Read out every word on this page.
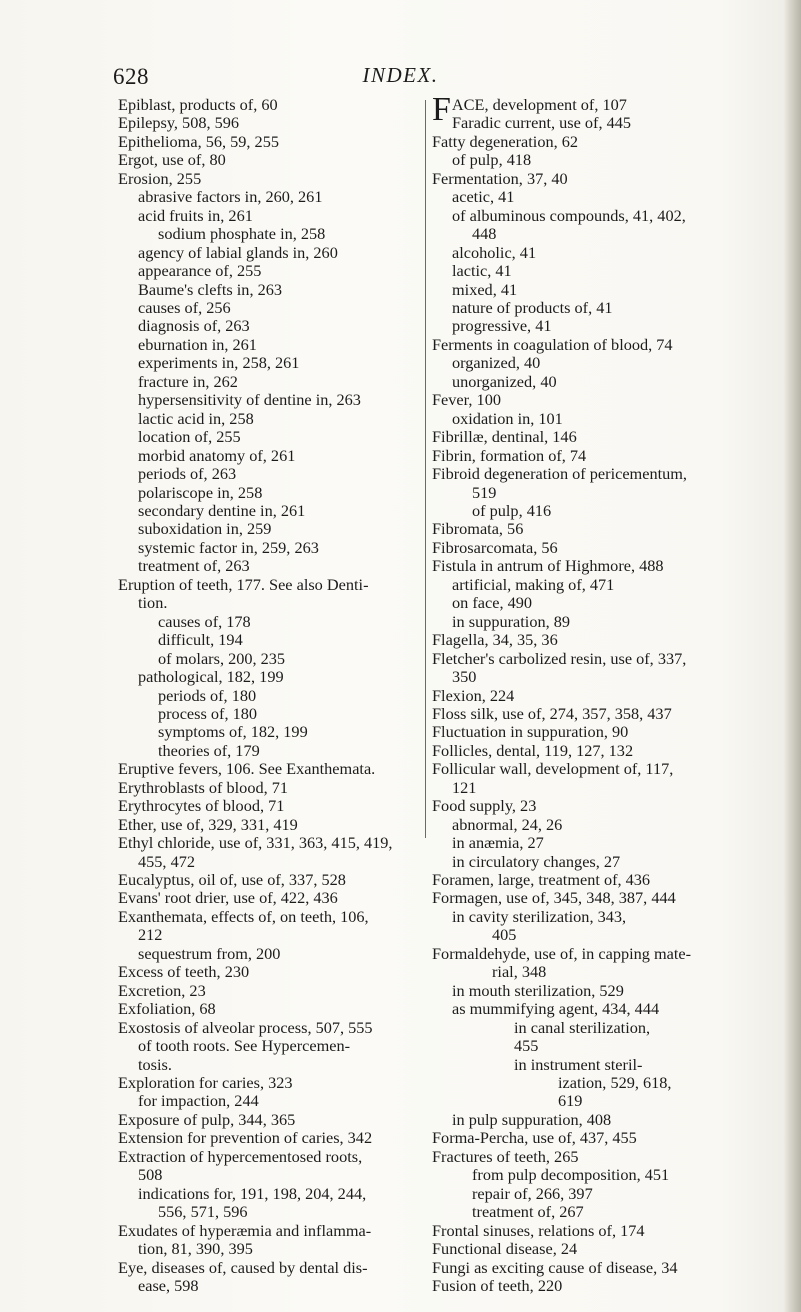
628	INDEX.
Epiblast, products of, 60
Epilepsy, 508, 596
Epithelioma, 56, 59, 255
Ergot, use of, 80
Erosion, 255
abrasive factors in, 260, 261
acid fruits in, 261
sodium phosphate in, 258
agency of labial glands in, 260
appearance of, 255
Baume's clefts in, 263
causes of, 256
diagnosis of, 263
eburnation in, 261
experiments in, 258, 261
fracture in, 262
hypersensitivity of dentine in, 263
lactic acid in, 258
location of, 255
morbid anatomy of, 261
periods of, 263
polariscope in, 258
secondary dentine in, 261
suboxidation in, 259
systemic factor in, 259, 263
treatment of, 263
Eruption of teeth, 177. See also Denti-
tion.
causes of, 178
difficult, 194
of molars, 200, 235
pathological, 182, 199
periods of, 180
process of, 180
symptoms of, 182, 199
theories of, 179
Eruptive fevers, 106. See Exanthemata.
Erythroblasts of blood, 71
Erythrocytes of blood, 71
Ether, use of, 329, 331, 419
Ethyl chloride, use of, 331, 363, 415, 419,
455, 472
Eucalyptus, oil of, use of, 337, 528
Evans' root drier, use of, 422, 436
Exanthemata, effects of, on teeth, 106,
212
sequestrum from, 200
Excess of teeth, 230
Excretion, 23
Exfoliation, 68
Exostosis of alveolar process, 507, 555
of tooth roots. See Hypercemen-
tosis.
Exploration for caries, 323
for impaction, 244
Exposure of pulp, 344, 365
Extension for prevention of caries, 342
Extraction of hypercementosed roots,
508
indications for, 191, 198, 204, 244,
556, 571, 596
Exudates of hyperæmia and inflamma-
tion, 81, 390, 395
Eye, diseases of, caused by dental dis-
ease, 598
FACE, development of, 107
Faradic current, use of, 445
Fatty degeneration, 62
of pulp, 418
Fermentation, 37, 40
acetic, 41
of albuminous compounds, 41, 402,
448
alcoholic, 41
lactic, 41
mixed, 41
nature of products of, 41
progressive, 41
Ferments in coagulation of blood, 74
organized, 40
unorganized, 40
Fever, 100
oxidation in, 101
Fibrillæ, dentinal, 146
Fibrin, formation of, 74
Fibroid degeneration of pericementum,
519
of pulp, 416
Fibromata, 56
Fibrosarcomata, 56
Fistula in antrum of Highmore, 488
artificial, making of, 471
on face, 490
in suppuration, 89
Flagella, 34, 35, 36
Fletcher's carbolized resin, use of, 337,
350
Flexion, 224
Floss silk, use of, 274, 357, 358, 437
Fluctuation in suppuration, 90
Follicles, dental, 119, 127, 132
Follicular wall, development of, 117,
121
Food supply, 23
abnormal, 24, 26
in anæmia, 27
in circulatory changes, 27
Foramen, large, treatment of, 436
Formagen, use of, 345, 348, 387, 444
in cavity sterilization, 343,
405
Formaldehyde, use of, in capping mate-
rial, 348
in mouth sterilization, 529
as mummifying agent, 434, 444
in canal sterilization,
455
in instrument steril-
ization, 529, 618,
619
in pulp suppuration, 408
Forma-Percha, use of, 437, 455
Fractures of teeth, 265
from pulp decomposition, 451
repair of, 266, 397
treatment of, 267
Frontal sinuses, relations of, 174
Functional disease, 24
Fungi as exciting cause of disease, 34
Fusion of teeth, 220
